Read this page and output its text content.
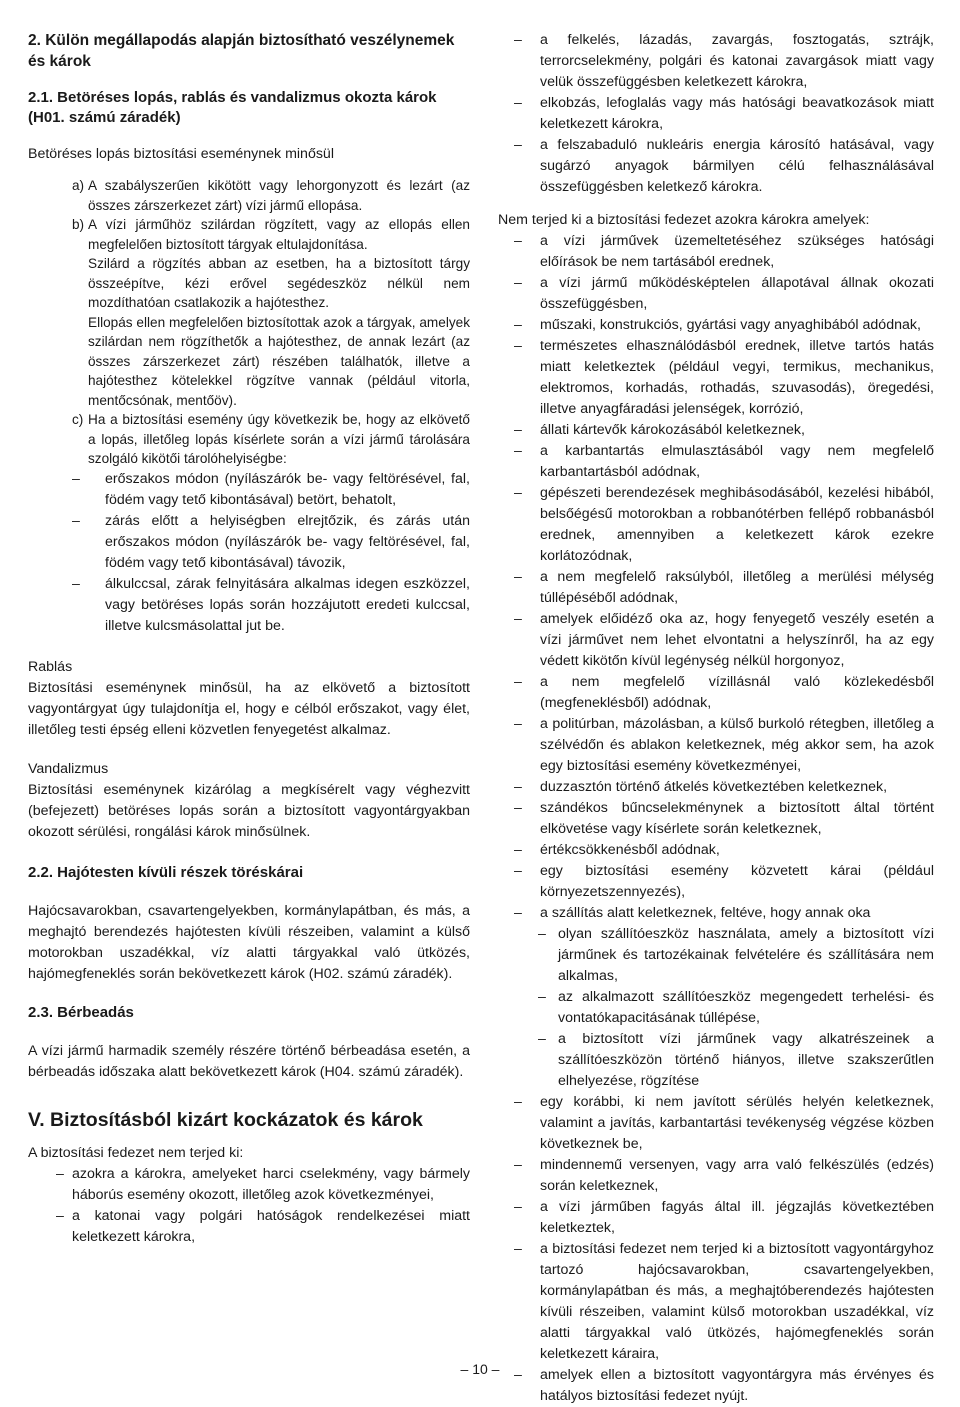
2. Külön megállapodás alapján biztosítható veszélynemek és károk
2.1. Betöréses lopás, rablás és vandalizmus okozta károk (H01. számú záradék)
Betöréses lopás biztosítási eseménynek minősül
a) A szabályszerűen kikötött vagy lehorgonyzott és lezárt (az összes zárszerkezet zárt) vízi jármű ellopása.
b) A vízi járműhöz szilárdan rögzített, vagy az ellopás ellen megfelelően biztosított tárgyak eltulajdonítása.
Szilárd a rögzítés abban az esetben, ha a biztosított tárgy összeépítve, kézi erővel segédeszköz nélkül nem mozdíthatóan csatlakozik a hajótesthez.
Ellopás ellen megfelelően biztosítottak azok a tárgyak, amelyek szilárdan nem rögzíthetők a hajótesthez, de annak lezárt (az összes zárszerkezet zárt) részében találhatók, illetve a hajótesthez kötelekkel rögzítve vannak (például vitorla, mentőcsónak, mentőöv).
c) Ha a biztosítási esemény úgy következik be, hogy az elkövető a lopás, illetőleg lopás kísérlete során a vízi jármű tárolására szolgáló kikötői tárolóhelyiségbe:
– erőszakos módon (nyílászárók be- vagy feltörésével, fal, födém vagy tető kibontásával) betört, behatolt,
– zárás előtt a helyiségben elrejtőzik, és zárás után erőszakos módon (nyílászárók be- vagy feltörésével, fal, födém vagy tető kibontásával) távozik,
– álkulccsal, zárak felnyitására alkalmas idegen eszközzel, vagy betöréses lopás során hozzájutott eredeti kulccsal, illetve kulcsmásolattal jut be.
Rablás

Biztosítási eseménynek minősül, ha az elkövető a biztosított vagyontárgyat úgy tulajdonítja el, hogy e célból erőszakot, vagy élet, illetőleg testi épség elleni közvetlen fenyegetést alkalmaz.

Vandalizmus

Biztosítási eseménynek kizárólag a megkísérelt vagy véghezvitt (befejezett) betöréses lopás során a biztosított vagyontárgyakban okozott sérülési, rongálási károk minősülnek.

2.2. Hajótesten kívüli részek töréskárai

Hajócsavarokban, csavartengelyekben, kormánylapátban, és más, a meghajtó berendezés hajótesten kívüli részeiben, valamint a külső motorokban uszadékkal, víz alatti tárgyakkal való ütközés, hajómegfeneklés során bekövetkezett károk (H02. számú záradék).

2.3. Bérbeadás

A vízi jármű harmadik személy részére történő bérbeadása esetén, a bérbeadás időszaka alatt bekövetkezett károk (H04. számú záradék).

V. Biztosításból kizárt kockázatok és károk
A biztosítási fedezet nem terjed ki:
– azokra a károkra, amelyeket harci cselekmény, vagy bármely háborús esemény okozott, illetőleg azok következményei,
– a katonai vagy polgári hatóságok rendelkezései miatt keletkezett károkra,
– a felkelés, lázadás, zavargás, fosztogatás, sztrájk, terrorcselekmény, polgári és katonai zavargások miatt vagy velük összefüggésben keletkezett károkra,
– elkobzás, lefoglalás vagy más hatósági beavatkozások miatt keletkezett károkra,
– a felszabaduló nukleáris energia károsító hatásával, vagy sugárzó anyagok bármilyen célú felhasználásával összefüggésben keletkező károkra.
Nem terjed ki a biztosítási fedezet azokra károkra amelyek:
– a vízi járművek üzemeltetéséhez szükséges hatósági előírások be nem tartásából erednek,
– a vízi jármű működésképtelen állapotával állnak okozati összefüggésben,
– műszaki, konstrukciós, gyártási vagy anyaghibából adódnak,
– természetes elhasználódásból erednek, illetve tartós hatás miatt keletkeztek (például vegyi, termikus, mechanikus, elektromos, korhadás, rothadás, szuvasodás), öregedési, illetve anyagfáradási jelenségek, korrózió,
– állati kártevők károkozásából keletkeznek,
– a karbantartás elmulasztásából vagy nem megfelelő karbantartásból adódnak,
– gépészeti berendezések meghibásodásából, kezelési hibából, belsőégésű motorokban a robbanótérben fellépő robbanásból erednek, amennyiben a keletkezett károk ezekre korlátozódnak,
– a nem megfelelő raksúlyból, illetőleg a merülési mélység túllépéséből adódnak,
– amelyek előidéző oka az, hogy fenyegető veszély esetén a vízi járművet nem lehet elvontatni a helyszínről, ha az egy védett kikötőn kívül legénység nélkül horgonyoz,
– a nem megfelelő vízillásnál való közlekedésből (megfeneklésből) adódnak,
– a politúrban, mázolásban, a külső burkoló rétegben, illetőleg a szélvédőn és ablakon keletkeznek, még akkor sem, ha azok egy biztosítási esemény következményei,
– duzzasztón történő átkelés következtében keletkeznek,
– szándékos bűncselekménynek a biztosított által történt elkövetése vagy kísérlete során keletkeznek,
– értékcsökkenésből adódnak,
– egy biztosítási esemény közvetett kárai (például környezetszennyezés),
– a szállítás alatt keletkeznek, feltéve, hogy annak oka
– olyan szállítóeszköz használata, amely a biztosított vízi járműnek és tartozékainak felvételére és szállítására nem alkalmas,
– az alkalmazott szállítóeszköz megengedett terhelési- és vontatókapacitásának túllépése,
– a biztosított vízi járműnek vagy alkatrészeinek a szállítóeszközön történő hiányos, illetve szakszerűtlen elhelyezése, rögzítése
– egy korábbi, ki nem javított sérülés helyén keletkeznek, valamint a javítás, karbantartási tevékenység végzése közben következnek be,
– mindennemű versenyen, vagy arra való felkészülés (edzés) során keletkeznek,
– a vízi járműben fagyás által ill. jégzajlás következtében keletkeztek,
– a biztosítási fedezet nem terjed ki a biztosított vagyontárgyhoz tartozó hajócsavarokban, csavartengelyekben, kormánylapátban és más, a meghajtóberendezés hajótesten kívüli részeiben, valamint külső motorokban uszadékkal, víz alatti tárgyakkal való ütközés, hajómegfeneklés során keletkezett káraira,
– amelyek ellen a biztosított vagyontárgyra más érvényes és hatályos biztosítási fedezet nyújt.
– 10 –
